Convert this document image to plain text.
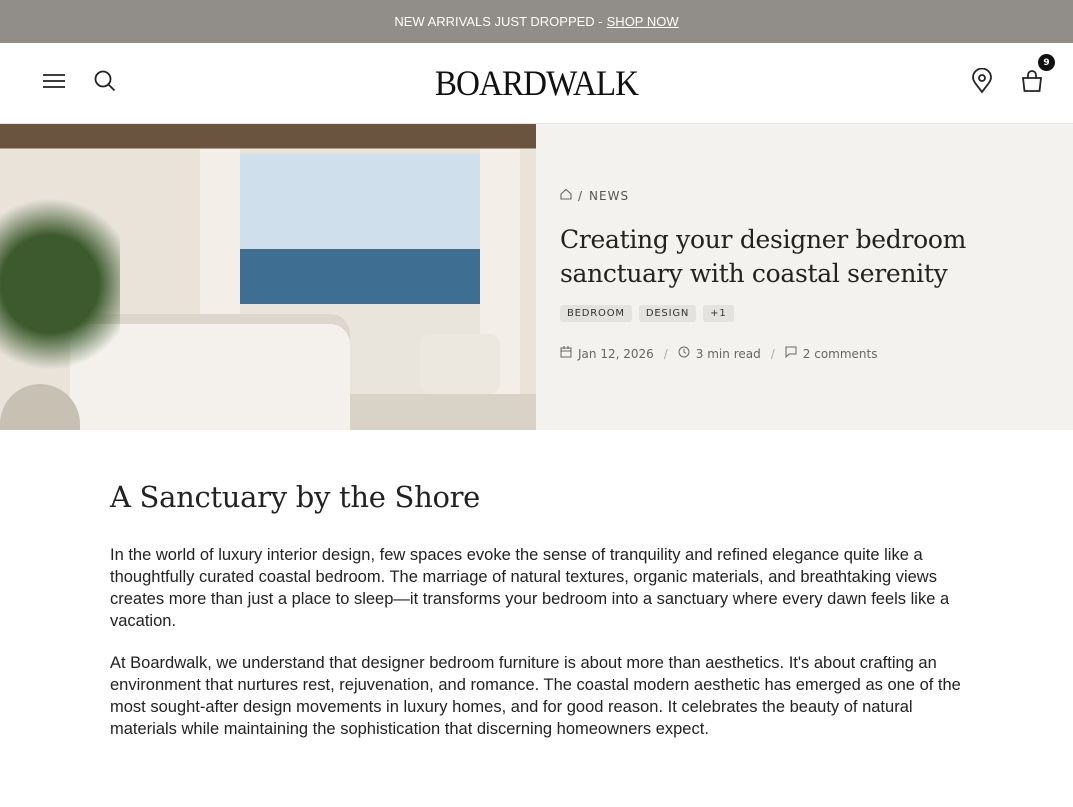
NEW ARRIVALS JUST DROPPED - SHOP NOW
BOARDWALK
9
/ NEWS
Creating your designer bedroom sanctuary with coastal serenity
BEDROOM	DESIGN	+1
Jan 12, 2026 / 3 min read / 2 comments
A Sanctuary by the Shore

In the world of luxury interior design, few spaces evoke the sense of tranquility and refined elegance quite like a thoughtfully curated coastal bedroom. The marriage of natural textures, organic materials, and breathtaking views creates more than just a place to sleep—it transforms your bedroom into a sanctuary where every dawn feels like a vacation.

At Boardwalk, we understand that designer bedroom furniture is about more than aesthetics. It's about crafting an environment that nurtures rest, rejuvenation, and romance. The coastal modern aesthetic has emerged as one of the most sought-after design movements in luxury homes, and for good reason. It celebrates the beauty of natural materials while maintaining the sophistication that discerning homeowners expect.
